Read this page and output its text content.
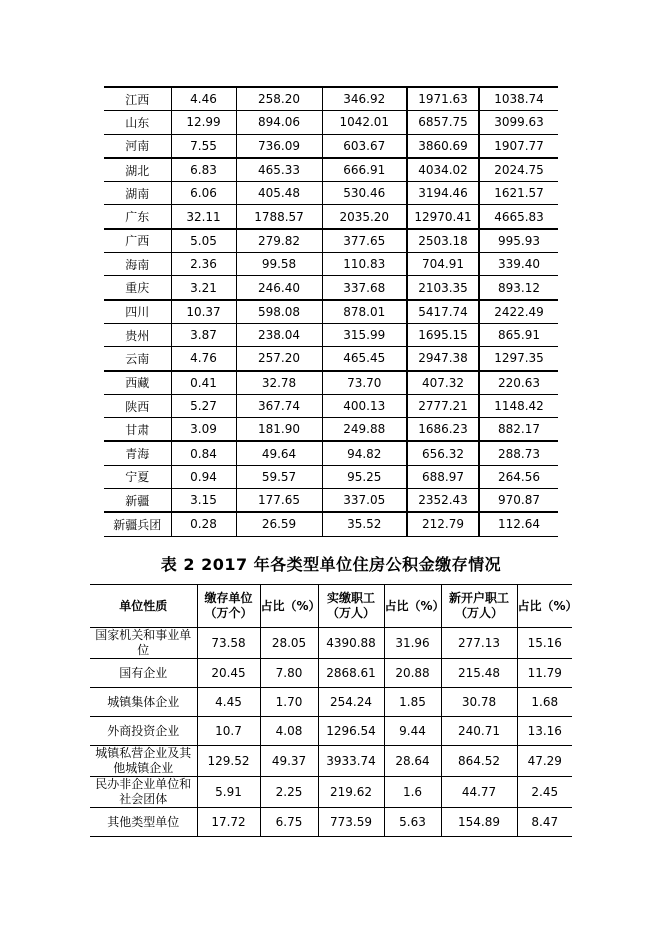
江西	4.46	258.20	346.92	1971.63	1038.74
山东	12.99	894.06	1042.01	6857.75	3099.63
河南	7.55	736.09	603.67	3860.69	1907.77
湖北	6.83	465.33	666.91	4034.02	2024.75
湖南	6.06	405.48	530.46	3194.46	1621.57
广东	32.11	1788.57	2035.20	12970.41	4665.83
广西	5.05	279.82	377.65	2503.18	995.93
海南	2.36	99.58	110.83	704.91	339.40
重庆	3.21	246.40	337.68	2103.35	893.12
四川	10.37	598.08	878.01	5417.74	2422.49
贵州	3.87	238.04	315.99	1695.15	865.91
云南	4.76	257.20	465.45	2947.38	1297.35
西藏	0.41	32.78	73.70	407.32	220.63
陕西	5.27	367.74	400.13	2777.21	1148.42
甘肃	3.09	181.90	249.88	1686.23	882.17
青海	0.84	49.64	94.82	656.32	288.73
宁夏	0.94	59.57	95.25	688.97	264.56
新疆	3.15	177.65	337.05	2352.43	970.87
新疆兵团	0.28	26.59	35.52	212.79	112.64
表 2 2017 年各类型单位住房公积金缴存情况
单位性质	缴存单位（万个）	占比（%）	实缴职工（万人）	占比（%）	新开户职工（万人）	占比（%）
国家机关和事业单位	73.58	28.05	4390.88	31.96	277.13	15.16
国有企业	20.45	7.80	2868.61	20.88	215.48	11.79
城镇集体企业	4.45	1.70	254.24	1.85	30.78	1.68
外商投资企业	10.7	4.08	1296.54	9.44	240.71	13.16
城镇私营企业及其他城镇企业	129.52	49.37	3933.74	28.64	864.52	47.29
民办非企业单位和社会团体	5.91	2.25	219.62	1.6	44.77	2.45
其他类型单位	17.72	6.75	773.59	5.63	154.89	8.47
